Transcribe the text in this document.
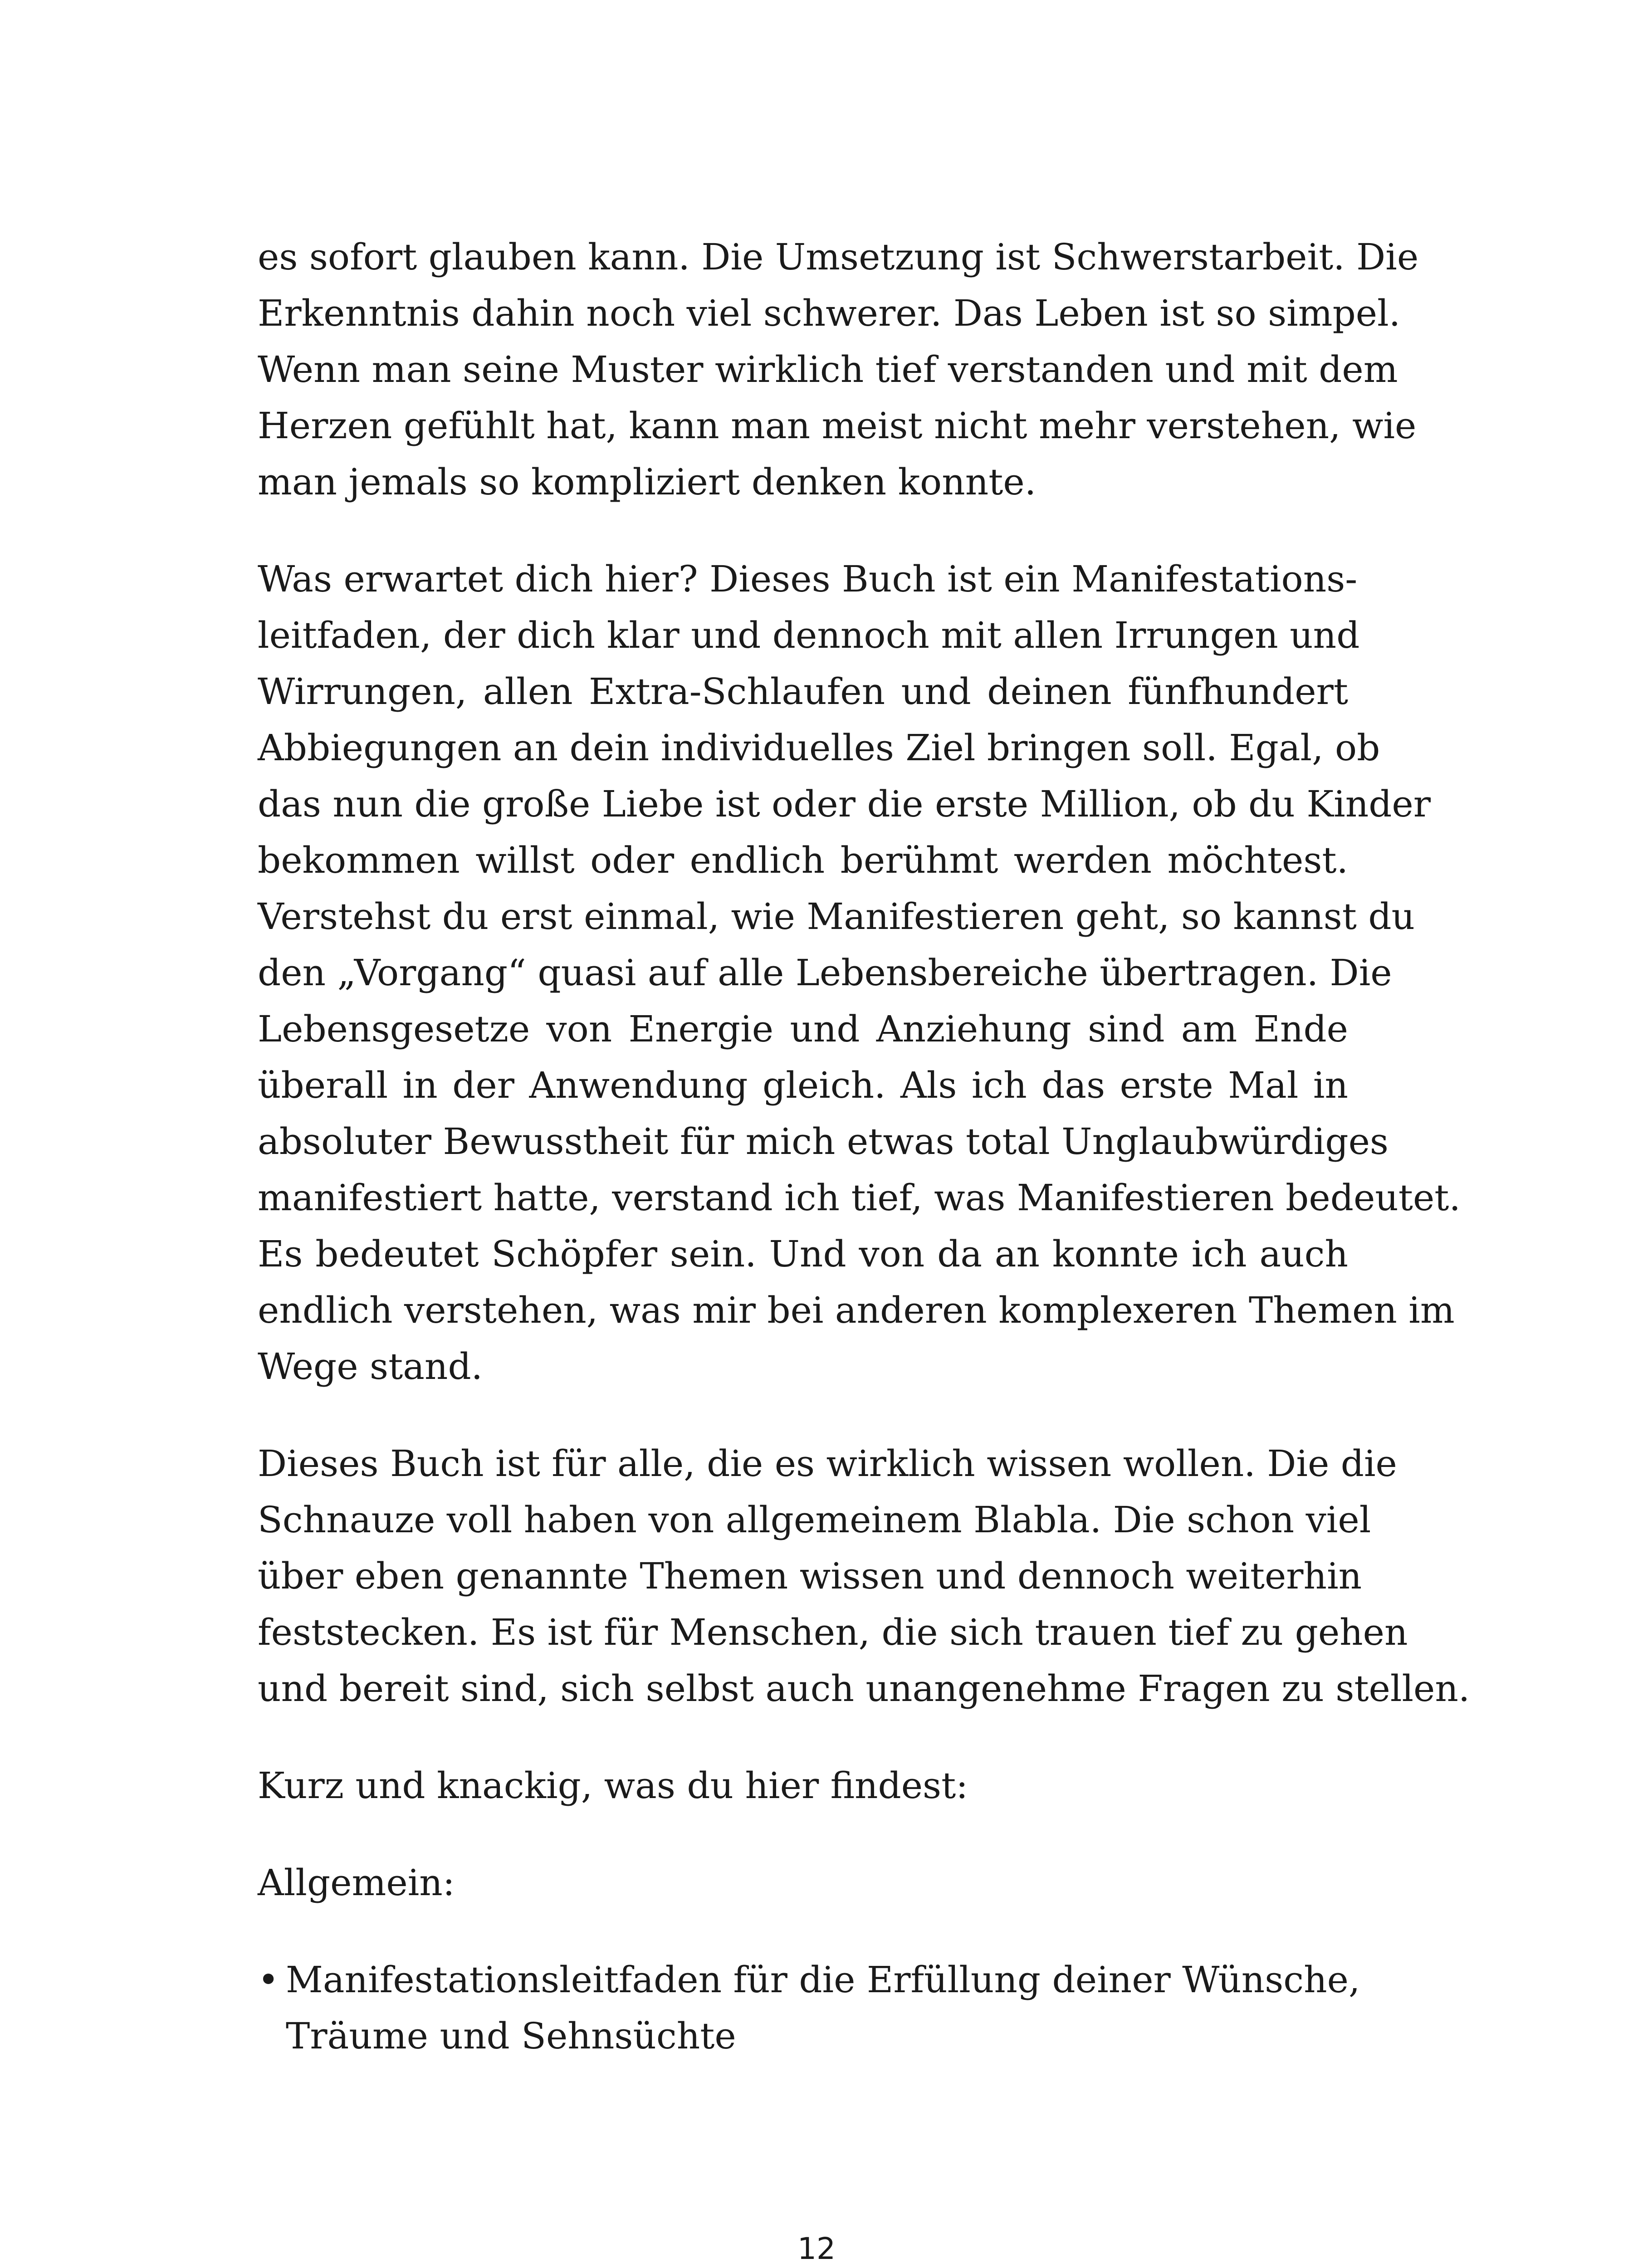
es sofort glauben kann. Die Umsetzung ist Schwerstarbeit. Die
Erkenntnis dahin noch viel schwerer. Das Leben ist so simpel.
Wenn man seine Muster wirklich tief verstanden und mit dem
Herzen gefühlt hat, kann man meist nicht mehr verstehen, wie
man jemals so kompliziert denken konnte.
Was erwartet dich hier? Dieses Buch ist ein Manifestations-
leitfaden, der dich klar und dennoch mit allen Irrungen und
Wirrungen, allen Extra-Schlaufen und deinen fünfhundert
Abbiegungen an dein individuelles Ziel bringen soll. Egal, ob
das nun die große Liebe ist oder die erste Million, ob du Kinder
bekommen willst oder endlich berühmt werden möchtest.
Verstehst du erst einmal, wie Manifestieren geht, so kannst du
den „Vorgang“ quasi auf alle Lebensbereiche übertragen. Die
Lebensgesetze von Energie und Anziehung sind am Ende
überall in der Anwendung gleich. Als ich das erste Mal in
absoluter Bewusstheit für mich etwas total Unglaubwürdiges
manifestiert hatte, verstand ich tief, was Manifestieren bedeutet.
Es bedeutet Schöpfer sein. Und von da an konnte ich auch
endlich verstehen, was mir bei anderen komplexeren Themen im
Wege stand.
Dieses Buch ist für alle, die es wirklich wissen wollen. Die die
Schnauze voll haben von allgemeinem Blabla. Die schon viel
über eben genannte Themen wissen und dennoch weiterhin
feststecken. Es ist für Menschen, die sich trauen tief zu gehen
und bereit sind, sich selbst auch unangenehme Fragen zu stellen.
Kurz und knackig, was du hier findest:
Allgemein:
• Manifestationsleitfaden für die Erfüllung deiner Wünsche,
Träume und Sehnsüchte
12
